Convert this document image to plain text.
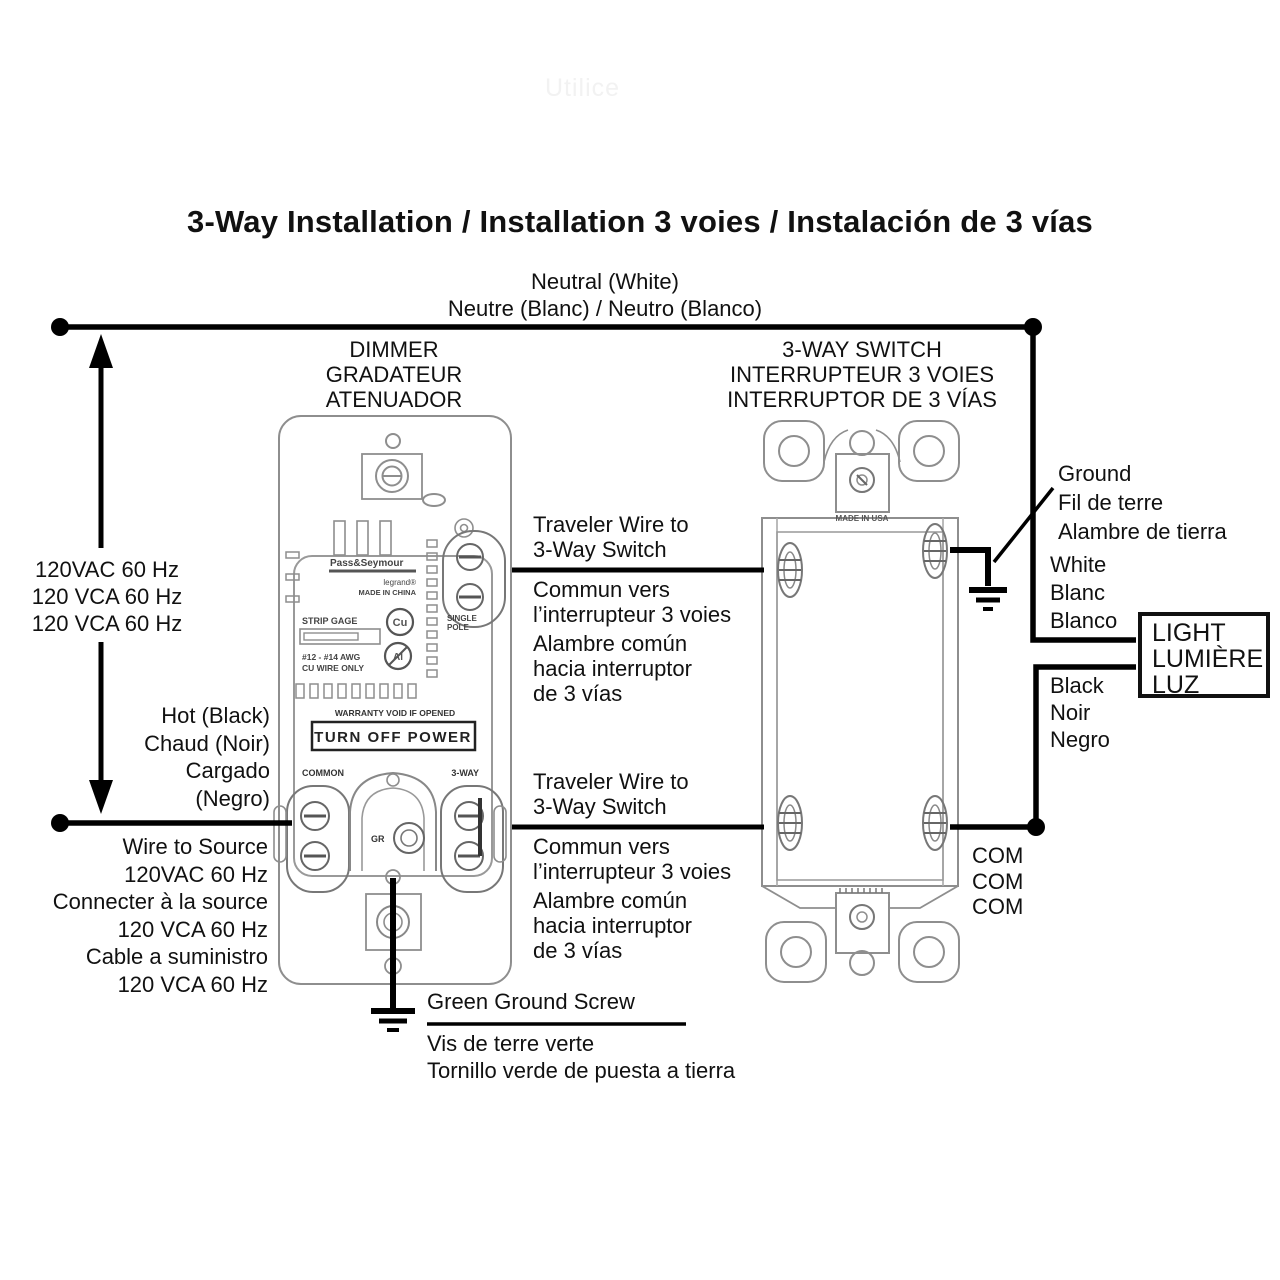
Utilice
3-Way Installation / Installation 3 voies / Instalación de 3 vías
Neutral (White)
Neutre (Blanc) / Neutro (Blanco)
DIMMER
GRADATEUR
ATENUADOR
3-WAY SWITCH
INTERRUPTEUR 3 VOIES
INTERRUPTOR DE 3 VÍAS
Pass&Seymour
legrand®
MADE IN CHINA
STRIP GAGE
#12 - #14 AWG
CU WIRE ONLY
Cu
Al
SINGLE
POLE
WARRANTY VOID IF OPENED
TURN OFF POWER
COMMON	3-WAY
GR
MADE IN USA
120VAC 60 Hz
120 VCA 60 Hz
120 VCA 60 Hz
Hot (Black)
Chaud (Noir)
Cargado
(Negro)
Wire to Source
120VAC 60 Hz
Connecter à la source
120 VCA 60 Hz
Cable a suministro
120 VCA 60 Hz
Traveler Wire to
3-Way Switch
Commun vers
l’interrupteur 3 voies
Alambre común
hacia interruptor
de 3 vías
Traveler Wire to
3-Way Switch
Commun vers
l’interrupteur 3 voies
Alambre común
hacia interruptor
de 3 vías
Ground
Fil de terre
Alambre de tierra
White
Blanc
Blanco
Black
Noir
Negro
COM
COM
COM
LIGHT
LUMIÈRE
LUZ
Green Ground Screw
Vis de terre verte
Tornillo verde de puesta a tierra
